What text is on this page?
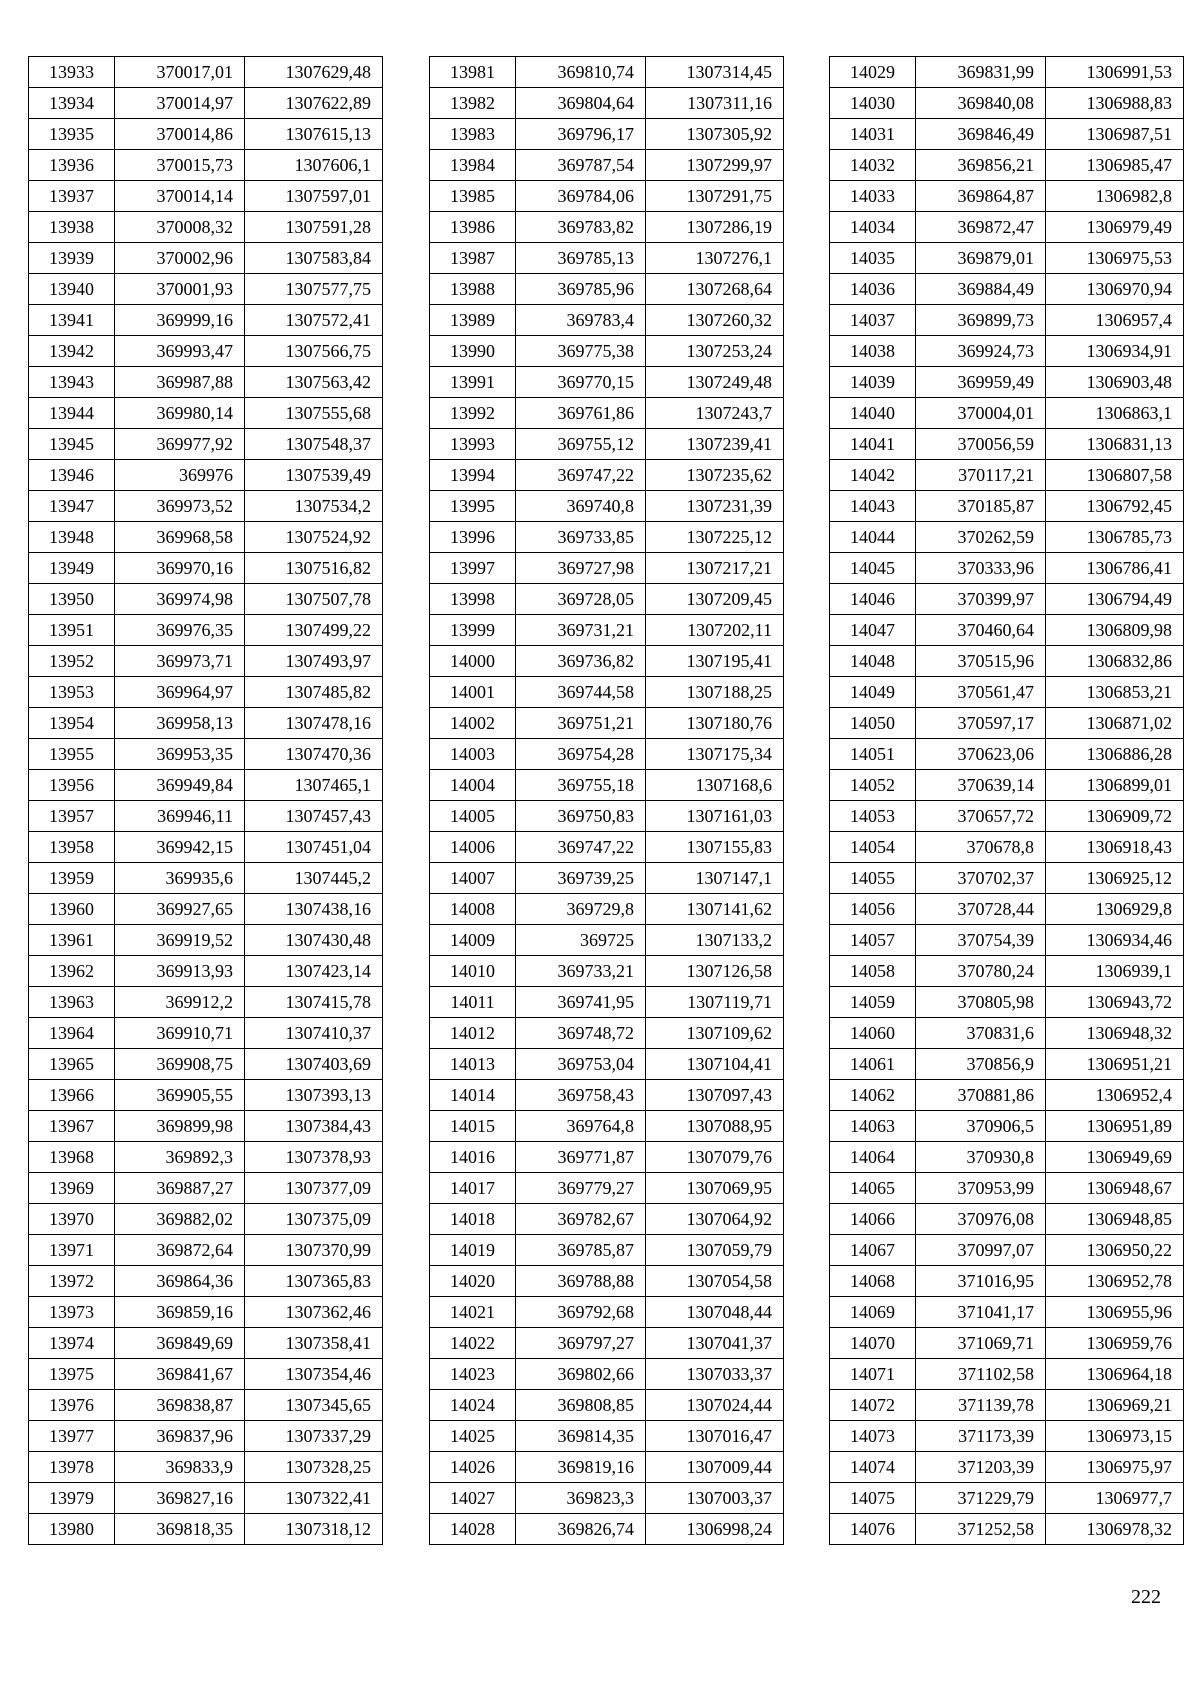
13933	370017,01	1307629,48
13934	370014,97	1307622,89
13935	370014,86	1307615,13
13936	370015,73	1307606,1
13937	370014,14	1307597,01
13938	370008,32	1307591,28
13939	370002,96	1307583,84
13940	370001,93	1307577,75
13941	369999,16	1307572,41
13942	369993,47	1307566,75
13943	369987,88	1307563,42
13944	369980,14	1307555,68
13945	369977,92	1307548,37
13946	369976	1307539,49
13947	369973,52	1307534,2
13948	369968,58	1307524,92
13949	369970,16	1307516,82
13950	369974,98	1307507,78
13951	369976,35	1307499,22
13952	369973,71	1307493,97
13953	369964,97	1307485,82
13954	369958,13	1307478,16
13955	369953,35	1307470,36
13956	369949,84	1307465,1
13957	369946,11	1307457,43
13958	369942,15	1307451,04
13959	369935,6	1307445,2
13960	369927,65	1307438,16
13961	369919,52	1307430,48
13962	369913,93	1307423,14
13963	369912,2	1307415,78
13964	369910,71	1307410,37
13965	369908,75	1307403,69
13966	369905,55	1307393,13
13967	369899,98	1307384,43
13968	369892,3	1307378,93
13969	369887,27	1307377,09
13970	369882,02	1307375,09
13971	369872,64	1307370,99
13972	369864,36	1307365,83
13973	369859,16	1307362,46
13974	369849,69	1307358,41
13975	369841,67	1307354,46
13976	369838,87	1307345,65
13977	369837,96	1307337,29
13978	369833,9	1307328,25
13979	369827,16	1307322,41
13980	369818,35	1307318,12
13981	369810,74	1307314,45
13982	369804,64	1307311,16
13983	369796,17	1307305,92
13984	369787,54	1307299,97
13985	369784,06	1307291,75
13986	369783,82	1307286,19
13987	369785,13	1307276,1
13988	369785,96	1307268,64
13989	369783,4	1307260,32
13990	369775,38	1307253,24
13991	369770,15	1307249,48
13992	369761,86	1307243,7
13993	369755,12	1307239,41
13994	369747,22	1307235,62
13995	369740,8	1307231,39
13996	369733,85	1307225,12
13997	369727,98	1307217,21
13998	369728,05	1307209,45
13999	369731,21	1307202,11
14000	369736,82	1307195,41
14001	369744,58	1307188,25
14002	369751,21	1307180,76
14003	369754,28	1307175,34
14004	369755,18	1307168,6
14005	369750,83	1307161,03
14006	369747,22	1307155,83
14007	369739,25	1307147,1
14008	369729,8	1307141,62
14009	369725	1307133,2
14010	369733,21	1307126,58
14011	369741,95	1307119,71
14012	369748,72	1307109,62
14013	369753,04	1307104,41
14014	369758,43	1307097,43
14015	369764,8	1307088,95
14016	369771,87	1307079,76
14017	369779,27	1307069,95
14018	369782,67	1307064,92
14019	369785,87	1307059,79
14020	369788,88	1307054,58
14021	369792,68	1307048,44
14022	369797,27	1307041,37
14023	369802,66	1307033,37
14024	369808,85	1307024,44
14025	369814,35	1307016,47
14026	369819,16	1307009,44
14027	369823,3	1307003,37
14028	369826,74	1306998,24
14029	369831,99	1306991,53
14030	369840,08	1306988,83
14031	369846,49	1306987,51
14032	369856,21	1306985,47
14033	369864,87	1306982,8
14034	369872,47	1306979,49
14035	369879,01	1306975,53
14036	369884,49	1306970,94
14037	369899,73	1306957,4
14038	369924,73	1306934,91
14039	369959,49	1306903,48
14040	370004,01	1306863,1
14041	370056,59	1306831,13
14042	370117,21	1306807,58
14043	370185,87	1306792,45
14044	370262,59	1306785,73
14045	370333,96	1306786,41
14046	370399,97	1306794,49
14047	370460,64	1306809,98
14048	370515,96	1306832,86
14049	370561,47	1306853,21
14050	370597,17	1306871,02
14051	370623,06	1306886,28
14052	370639,14	1306899,01
14053	370657,72	1306909,72
14054	370678,8	1306918,43
14055	370702,37	1306925,12
14056	370728,44	1306929,8
14057	370754,39	1306934,46
14058	370780,24	1306939,1
14059	370805,98	1306943,72
14060	370831,6	1306948,32
14061	370856,9	1306951,21
14062	370881,86	1306952,4
14063	370906,5	1306951,89
14064	370930,8	1306949,69
14065	370953,99	1306948,67
14066	370976,08	1306948,85
14067	370997,07	1306950,22
14068	371016,95	1306952,78
14069	371041,17	1306955,96
14070	371069,71	1306959,76
14071	371102,58	1306964,18
14072	371139,78	1306969,21
14073	371173,39	1306973,15
14074	371203,39	1306975,97
14075	371229,79	1306977,7
14076	371252,58	1306978,32
222
